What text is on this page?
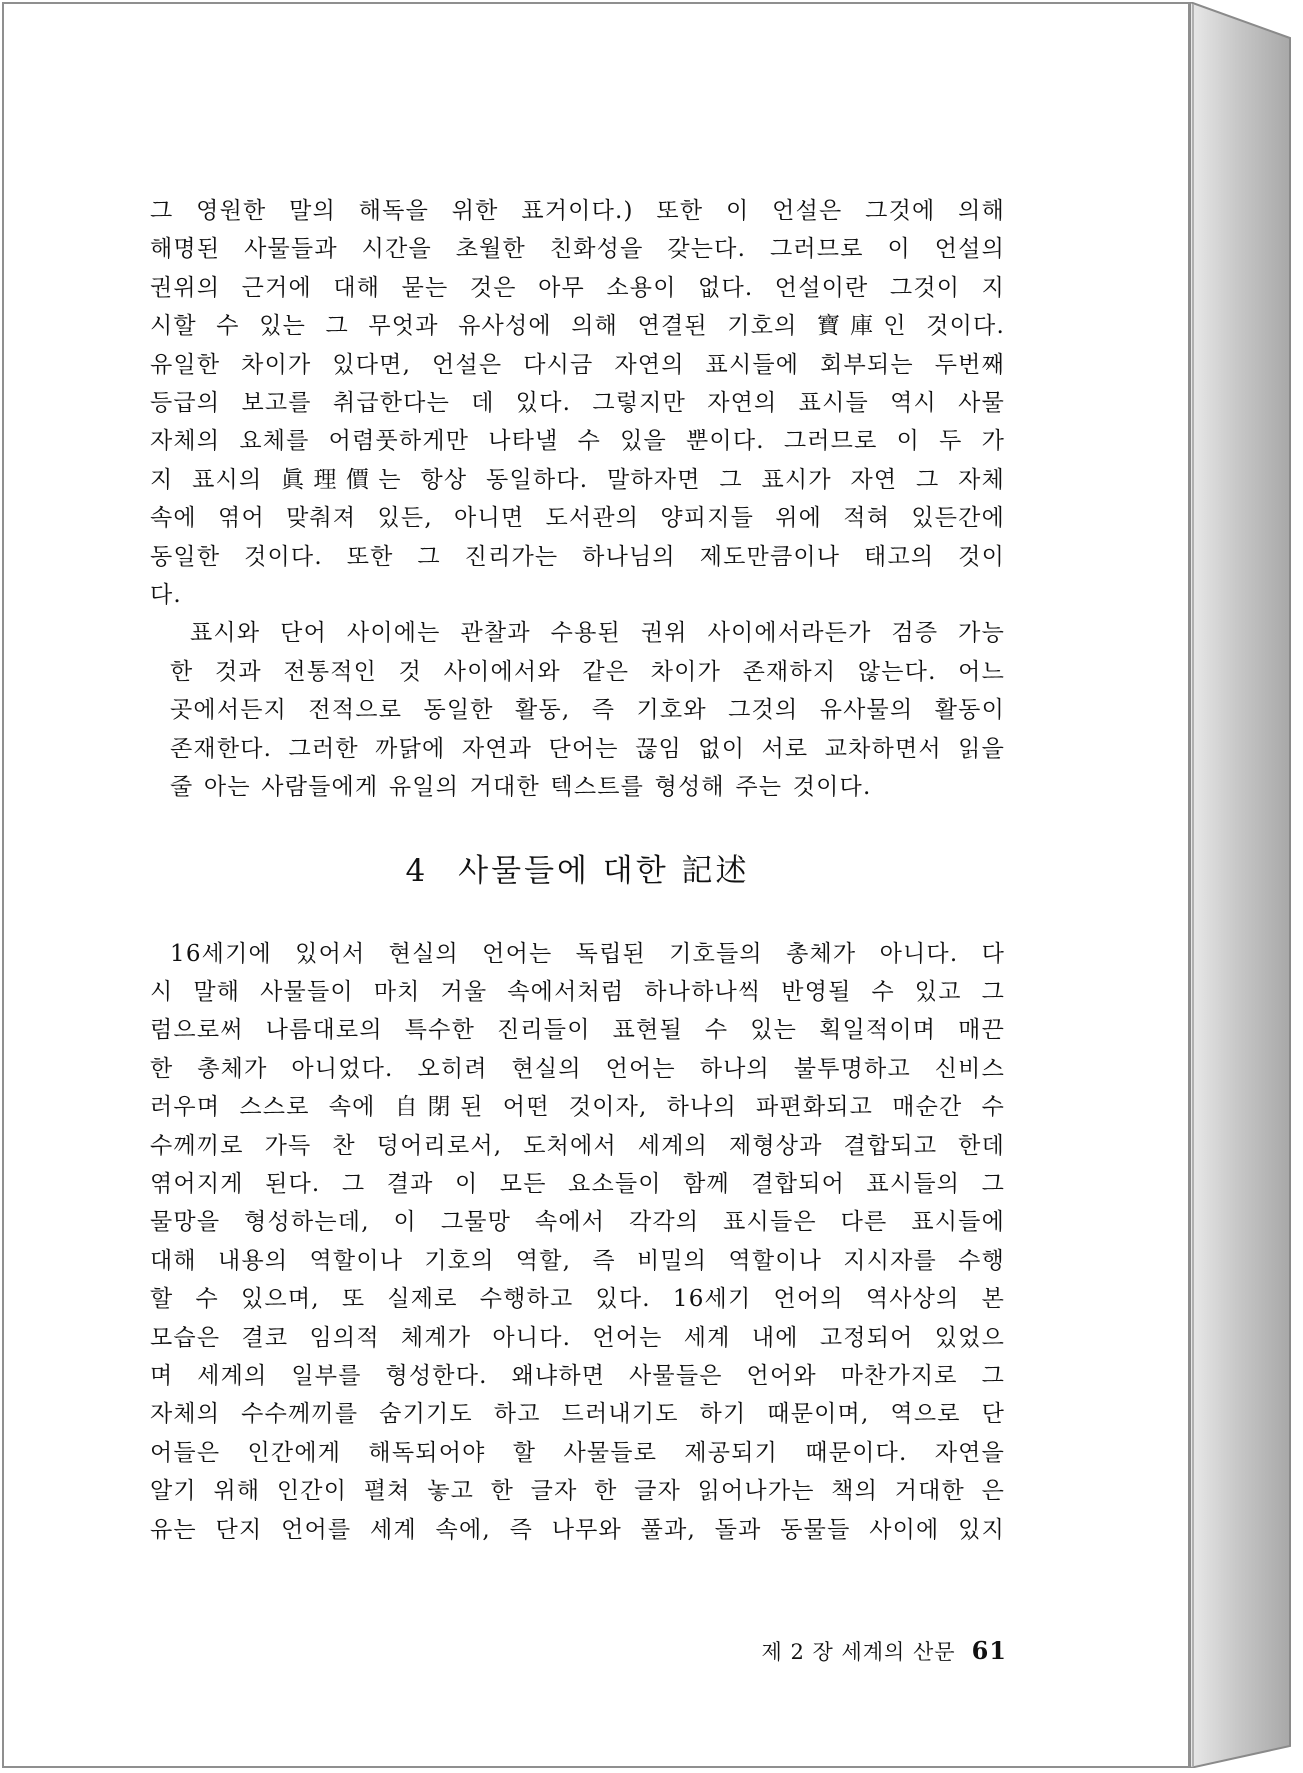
그 영원한 말의 해독을 위한 표거이다.) 또한 이 언설은 그것에 의해
해명된 사물들과 시간을 초월한 친화성을 갖는다. 그러므로 이 언설의
권위의 근거에 대해 묻는 것은 아무 소용이 없다. 언설이란 그것이 지
시할 수 있는 그 무엇과 유사성에 의해 연결된 기호의 寶庫인 것이다.
유일한 차이가 있다면, 언설은 다시금 자연의 표시들에 회부되는 두번째
등급의 보고를 취급한다는 데 있다. 그렇지만 자연의 표시들 역시 사물
자체의 요체를 어렴풋하게만 나타낼 수 있을 뿐이다. 그러므로 이 두 가
지 표시의 眞理價는 항상 동일하다. 말하자면 그 표시가 자연 그 자체
속에 엮어 맞춰져 있든, 아니면 도서관의 양피지들 위에 적혀 있든간에
동일한 것이다. 또한 그 진리가는 하나님의 제도만큼이나 태고의 것이
다.
표시와 단어 사이에는 관찰과 수용된 권위 사이에서라든가 검증 가능
한 것과 전통적인 것 사이에서와 같은 차이가 존재하지 않는다. 어느
곳에서든지 전적으로 동일한 활동, 즉 기호와 그것의 유사물의 활동이
존재한다. 그러한 까닭에 자연과 단어는 끊임 없이 서로 교차하면서 읽을
줄 아는 사람들에게 유일의 거대한 텍스트를 형성해 주는 것이다.
4 사물들에 대한 記述
16세기에 있어서 현실의 언어는 독립된 기호들의 총체가 아니다. 다
시 말해 사물들이 마치 거울 속에서처럼 하나하나씩 반영될 수 있고 그
럼으로써 나름대로의 특수한 진리들이 표현될 수 있는 획일적이며 매끈
한 총체가 아니었다. 오히려 현실의 언어는 하나의 불투명하고 신비스
러우며 스스로 속에 自閉된 어떤 것이자, 하나의 파편화되고 매순간 수
수께끼로 가득 찬 덩어리로서, 도처에서 세계의 제형상과 결합되고 한데
엮어지게 된다. 그 결과 이 모든 요소들이 함께 결합되어 표시들의 그
물망을 형성하는데, 이 그물망 속에서 각각의 표시들은 다른 표시들에
대해 내용의 역할이나 기호의 역할, 즉 비밀의 역할이나 지시자를 수행
할 수 있으며, 또 실제로 수행하고 있다. 16세기 언어의 역사상의 본
모습은 결코 임의적 체계가 아니다. 언어는 세계 내에 고정되어 있었으
며 세계의 일부를 형성한다. 왜냐하면 사물들은 언어와 마찬가지로 그
자체의 수수께끼를 숨기기도 하고 드러내기도 하기 때문이며, 역으로 단
어들은 인간에게 해독되어야 할 사물들로 제공되기 때문이다. 자연을
알기 위해 인간이 펼쳐 놓고 한 글자 한 글자 읽어나가는 책의 거대한 은
유는 단지 언어를 세계 속에, 즉 나무와 풀과, 돌과 동물들 사이에 있지
제 2 장 세계의 산문 61
